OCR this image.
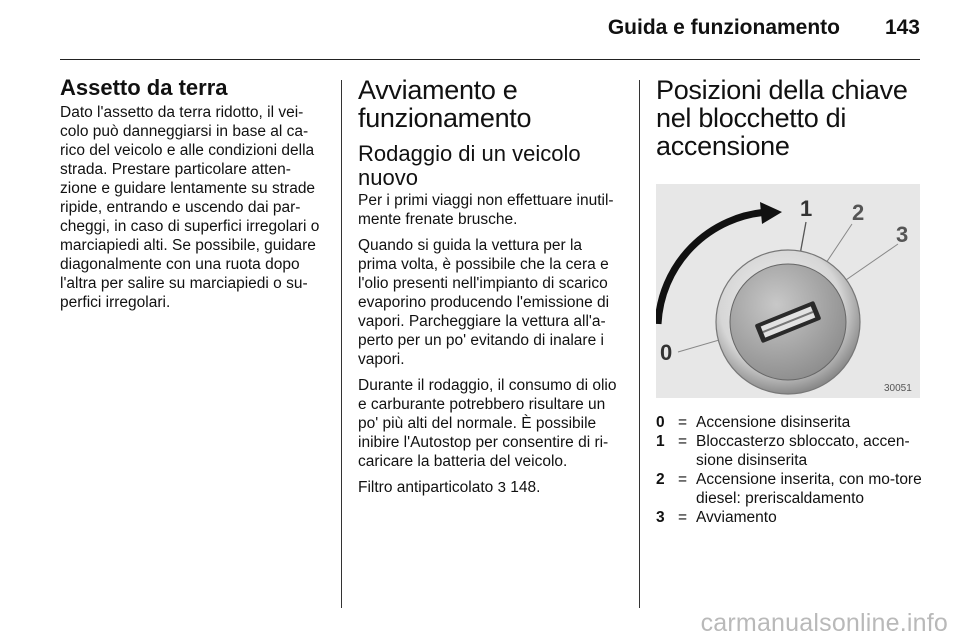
Guida e funzionamento 143
Assetto da terra

Dato l'assetto da terra ridotto, il vei-colo può danneggiarsi in base al ca-rico del veicolo e alle condizioni della strada. Prestare particolare atten-zione e guidare lentamente su strade ripide, entrando e uscendo dai par-cheggi, in caso di superfici irregolari o marciapiedi alti. Se possibile, guidare diagonalmente con una ruota dopo l'altra per salire su marciapiedi o su-perfici irregolari.

Avviamento e funzionamento
Rodaggio di un veicolo nuovo

Per i primi viaggi non effettuare inutil-mente frenate brusche.

Quando si guida la vettura per la prima volta, è possibile che la cera e l'olio presenti nell'impianto di scarico evaporino producendo l'emissione di vapori. Parcheggiare la vettura all'a-perto per un po' evitando di inalare i vapori.

Durante il rodaggio, il consumo di olio e carburante potrebbero risultare un po' più alti del normale. È possibile inibire l'Autostop per consentire di ri-caricare la batteria del veicolo.

Filtro antiparticolato 3 148.

Posizioni della chiave nel blocchetto di accensione
1 2
3
0
30051
0 = Accensione disinserita
1 = Bloccasterzo sbloccato, accen-sione disinserita
2 = Accensione inserita, con mo-tore diesel: preriscaldamento
3 = Avviamento
carmanualsonline.info
